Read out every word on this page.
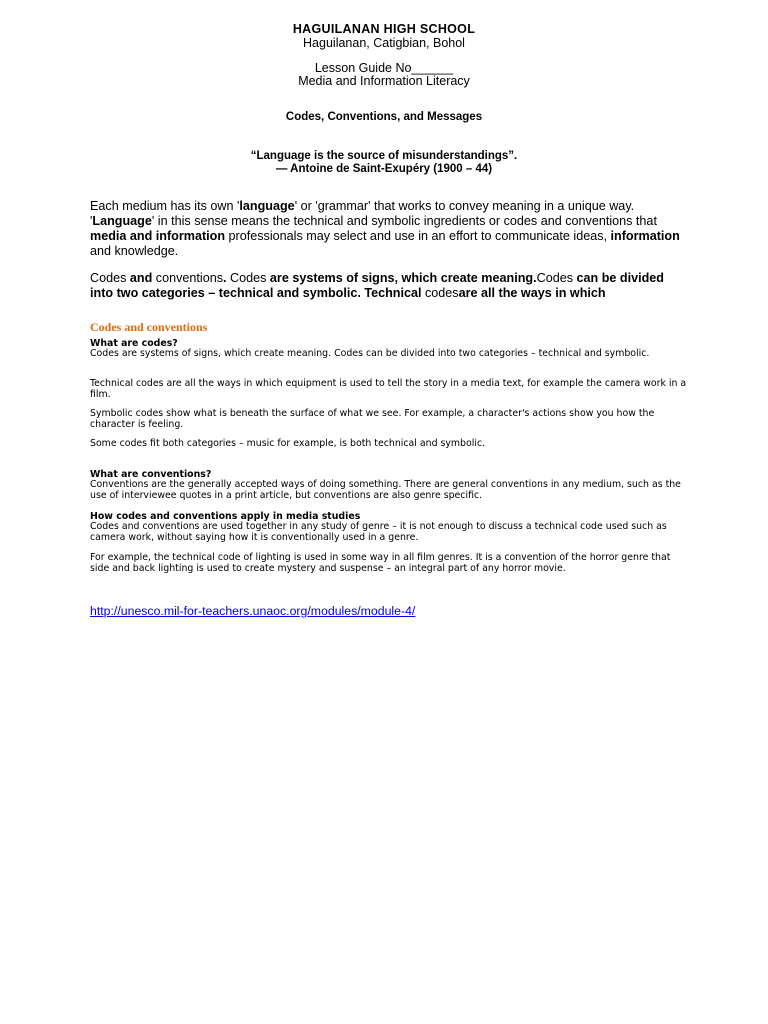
HAGUILANAN HIGH SCHOOL
Haguilanan, Catigbian, Bohol
Lesson Guide No______
Media and Information Literacy
Codes, Conventions, and Messages
“Language is the source of misunderstandings”.
— Antoine de Saint-Exupéry (1900 – 44)
Each medium has its own 'language' or 'grammar' that works to convey meaning in a unique way. 'Language' in this sense means the technical and symbolic ingredients or codes and conventions that media and information professionals may select and use in an effort to communicate ideas, information and knowledge.
Codes and conventions. Codes are systems of signs, which create meaning.Codes can be divided into two categories – technical and symbolic. Technical codesare all the ways in which
Codes and conventions
What are codes?
Codes are systems of signs, which create meaning. Codes can be divided into two categories – technical and symbolic.
Technical codes are all the ways in which equipment is used to tell the story in a media text, for example the camera work in a film.
Symbolic codes show what is beneath the surface of what we see. For example, a character's actions show you how the character is feeling.
Some codes fit both categories – music for example, is both technical and symbolic.
What are conventions?
Conventions are the generally accepted ways of doing something. There are general conventions in any medium, such as the use of interviewee quotes in a print article, but conventions are also genre specific.
How codes and conventions apply in media studies
Codes and conventions are used together in any study of genre – it is not enough to discuss a technical code used such as camera work, without saying how it is conventionally used in a genre.
For example, the technical code of lighting is used in some way in all film genres. It is a convention of the horror genre that side and back lighting is used to create mystery and suspense – an integral part of any horror movie.
http://unesco.mil-for-teachers.unaoc.org/modules/module-4/
